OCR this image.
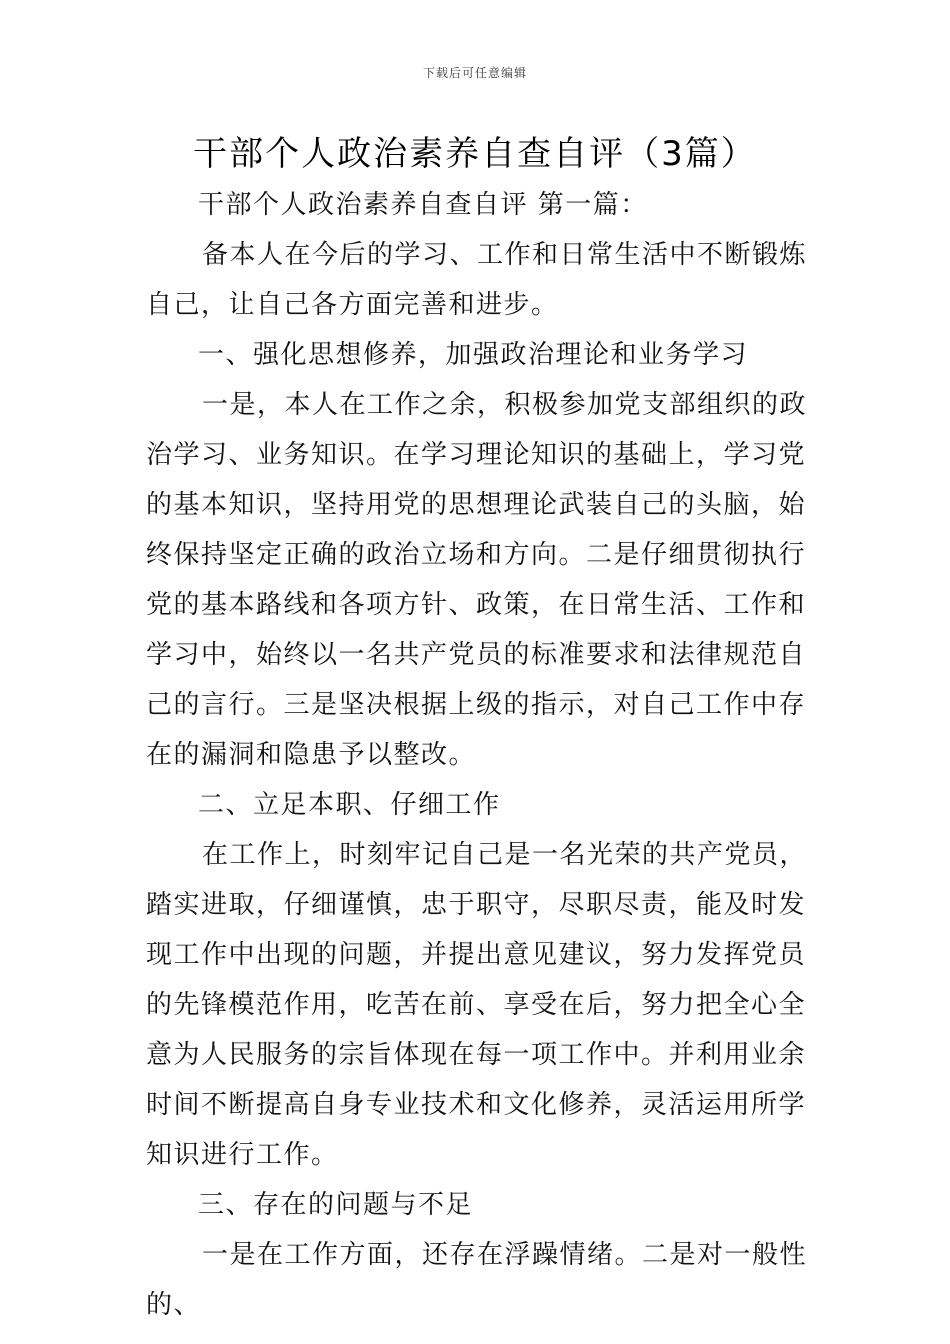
下载后可任意编辑
干部个人政治素养自查自评（3篇）

干部个人政治素养自查自评 第一篇：

备本人在今后的学习、工作和日常生活中不断锻炼自己，让自己各方面完善和进步。

一、强化思想修养，加强政治理论和业务学习

一是，本人在工作之余，积极参加党支部组织的政治学习、业务知识。在学习理论知识的基础上，学习党的基本知识，坚持用党的思想理论武装自己的头脑，始终保持坚定正确的政治立场和方向。二是仔细贯彻执行党的基本路线和各项方针、政策，在日常生活、工作和学习中，始终以一名共产党员的标准要求和法律规范自己的言行。三是坚决根据上级的指示，对自己工作中存在的漏洞和隐患予以整改。

二、立足本职、仔细工作

在工作上，时刻牢记自己是一名光荣的共产党员，踏实进取，仔细谨慎，忠于职守，尽职尽责，能及时发现工作中出现的问题，并提出意见建议，努力发挥党员的先锋模范作用，吃苦在前、享受在后，努力把全心全意为人民服务的宗旨体现在每一项工作中。并利用业余时间不断提高自身专业技术和文化修养，灵活运用所学知识进行工作。

三、存在的问题与不足

一是在工作方面，还存在浮躁情绪。二是对一般性的、
